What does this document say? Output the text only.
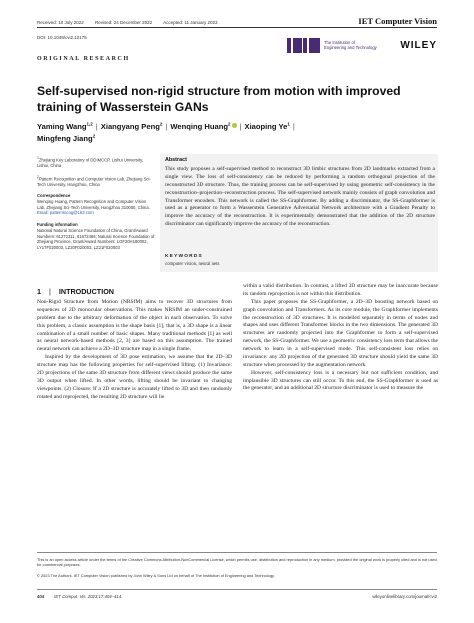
Received: 10 July 2022	Revised: 24 December 2022 Accepted: 11 January 2023	IET Computer Vision
DOI: 10.1049/cvi2.12175
The Institution of
Engineering and Technology WILEY
ORIGINAL RESEARCH
Self-supervised non-rigid structure from motion with improved training of Wasserstein GANs
Yaming Wang$^{1,2}$ | Xiangyang Peng$^2$ | Wenqing Huang$^2$ | Xiaoping Ye$^1$ |
Mingfeng Jiang$^2$
$^1$Zhejiang Key Laboratory of DDIMCCP, Lishui University, Lishui, China
$^2$Pattern Recognition and Computer Vision Lab, Zhejiang Sci-Tech University, Hangzhou, China
Correspondence
Wenqing Huang, Pattern Recognition and Computer Vision Lab, Zhejiang Sci-Tech University, Hangzhou 310000, China.
Email: patternrecog@163.com
Funding information
National Natural Science Foundation of China, Grant/Award Numbers: 61272311, 61672466; Natural Science Foundation of Zhejiang Province, Grant/Award Numbers: LGF20H180002, LY17F020003, LZ20F020003, LZ21F020003
Abstract
This study proposes a self-supervised method to reconstruct 3D limbic structures from 2D landmarks extracted from a single view. The loss of self-consistency can be reduced by performing a random orthogonal projection of the reconstructed 3D structure. Thus, the training process can be self-supervised by using geometric self-consistency in the reconstruction–projection–reconstruction process. The self-supervised network mainly consists of graph convolution and Transformer encoders. This network is called the SS-Graphformer. By adding a discriminator, the SS-Graphformer is used as a generator to form a Wasserstein Generative Adversarial Network architecture with a Gradient Penalty to improve the accuracy of the reconstruction. It is experimentally demonstrated that the addition of the 2D structure discriminator can significantly improve the accuracy of the reconstruction.
KEYWORDS
computer vision, neural nets
1 | INTRODUCTION

Non-Rigid Structure from Motion (NRSfM) aims to recover 3D structures from sequences of 2D monocular observations. This makes NRSfM an under-constrained problem due to the arbitrary deformation of the object in each observation. To solve this problem, a classic assumption is the shape basis [1], that is, a 3D shape is a linear combination of a small number of basic shapes. Many traditional methods [1] as well as neural network-based methods [2, 3] are based on this assumption. The trained neural network can achieve a 2D–3D structure map in a single frame.

Inspired by the development of 3D pose estimation, we assume that the 2D–3D structure map has the following properties for self-supervised lifting. (1) Invariance: 2D projections of the same 3D structure from different views should produce the same 3D output when lifted. In other words, lifting should be invariant to changing viewpoints. (2) Closure: If a 2D structure is accurately lifted to 3D and then randomly rotated and reprojected, the resulting 2D structure will lie

within a valid distribution. In contrast, a lifted 3D structure may be inaccurate because its random reprojection is not within this distribution.

This paper proposes the SS-Graphformer, a 2D–3D boosting network based on graph convolution and Transformers. As its core module, the Graphformer implements the reconstruction of 3D structures. It is modelled separately in terms of nodes and shapes and uses different Transformer blocks in the two dimensions. The generated 3D structures are randomly projected into the Graphformer to form a self-supervised network, the SS-Graphformer. We use a geometric consistency loss term that allows the network to learn in a self-supervised mode. This self-consistent loss relies on invariance: any 2D projection of the generated 3D structure should yield the same 3D structure when processed by the augmentation network.

However, self-consistency loss is a necessary but not sufficient condition, and implausible 3D structures can still occur. To this end, the SS-Graphformer is used as the generator, and an additional 2D structure discriminator is used to measure the

This is an open access article under the terms of the Creative Commons Attribution-NonCommercial License, which permits use, distribution and reproduction in any medium, provided the original work is properly cited and is not used for commercial purposes.
© 2023 The Authors. IET Computer Vision published by John Wiley & Sons Ltd on behalf of The Institution of Engineering and Technology.
404 IET Comput. Vis. 2023;17:404–414.	wileyonlinelibrary.com/journal/cvi2
